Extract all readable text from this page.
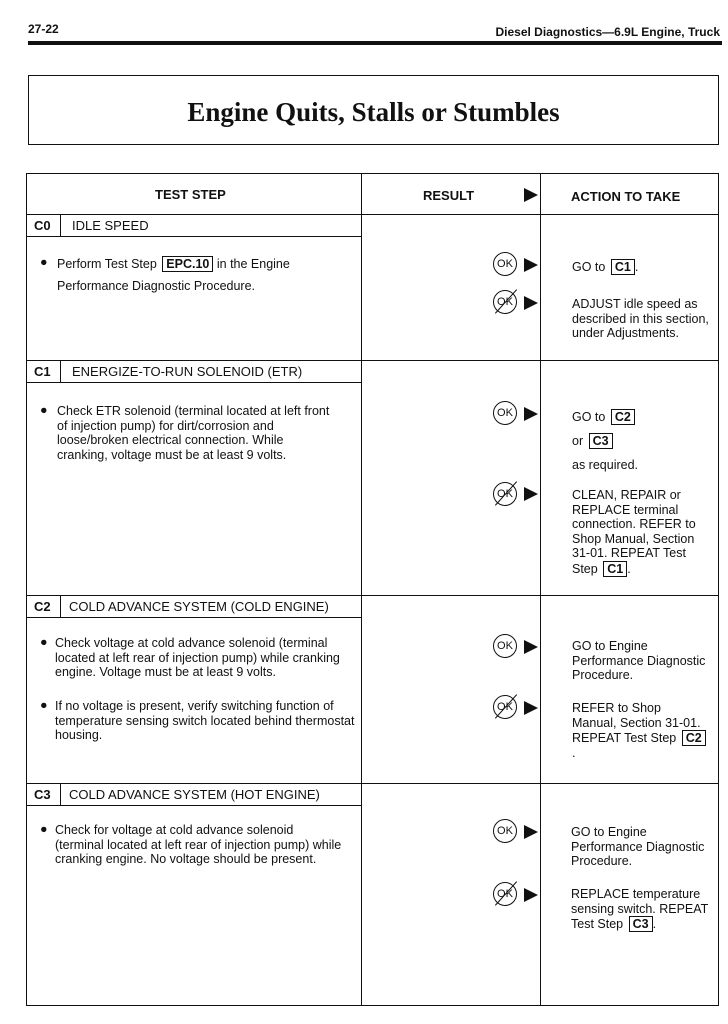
27-22	Diesel Diagnostics—6.9L Engine, Truck
Engine Quits, Stalls or Stumbles
TEST STEP	RESULT	ACTION TO TAKE
C0 IDLE SPEED
● Perform Test Step EPC.10 in the Engine
Performance Diagnostic Procedure.
OK	GO to C1 .
OK	ADJUST idle speed as described in this section, under Adjustments.
C1 ENERGIZE-TO-RUN SOLENOID (ETR)
● Check ETR solenoid (terminal located at left front of injection pump) for dirt/corrosion and loose/broken electrical connection. While cranking, voltage must be at least 9 volts.
OK	GO to C2
or C3
as required.
OK	CLEAN, REPAIR or REPLACE terminal connection. REFER to Shop Manual, Section 31-01. REPEAT Test Step C1 .
C2 COLD ADVANCE SYSTEM (COLD ENGINE)
● Check voltage at cold advance solenoid (terminal located at left rear of injection pump) while cranking engine. Voltage must be at least 9 volts.
● If no voltage is present, verify switching function of temperature sensing switch located behind thermostat housing.
OK	GO to Engine Performance Diagnostic Procedure.
OK	REFER to Shop Manual, Section 31-01. REPEAT Test Step C2.
C3 COLD ADVANCE SYSTEM (HOT ENGINE)
● Check for voltage at cold advance solenoid (terminal located at left rear of injection pump) while cranking engine. No voltage should be present.
OK	GO to Engine Performance Diagnostic Procedure.
OK	REPLACE temperature sensing switch. REPEAT Test Step C3 .
